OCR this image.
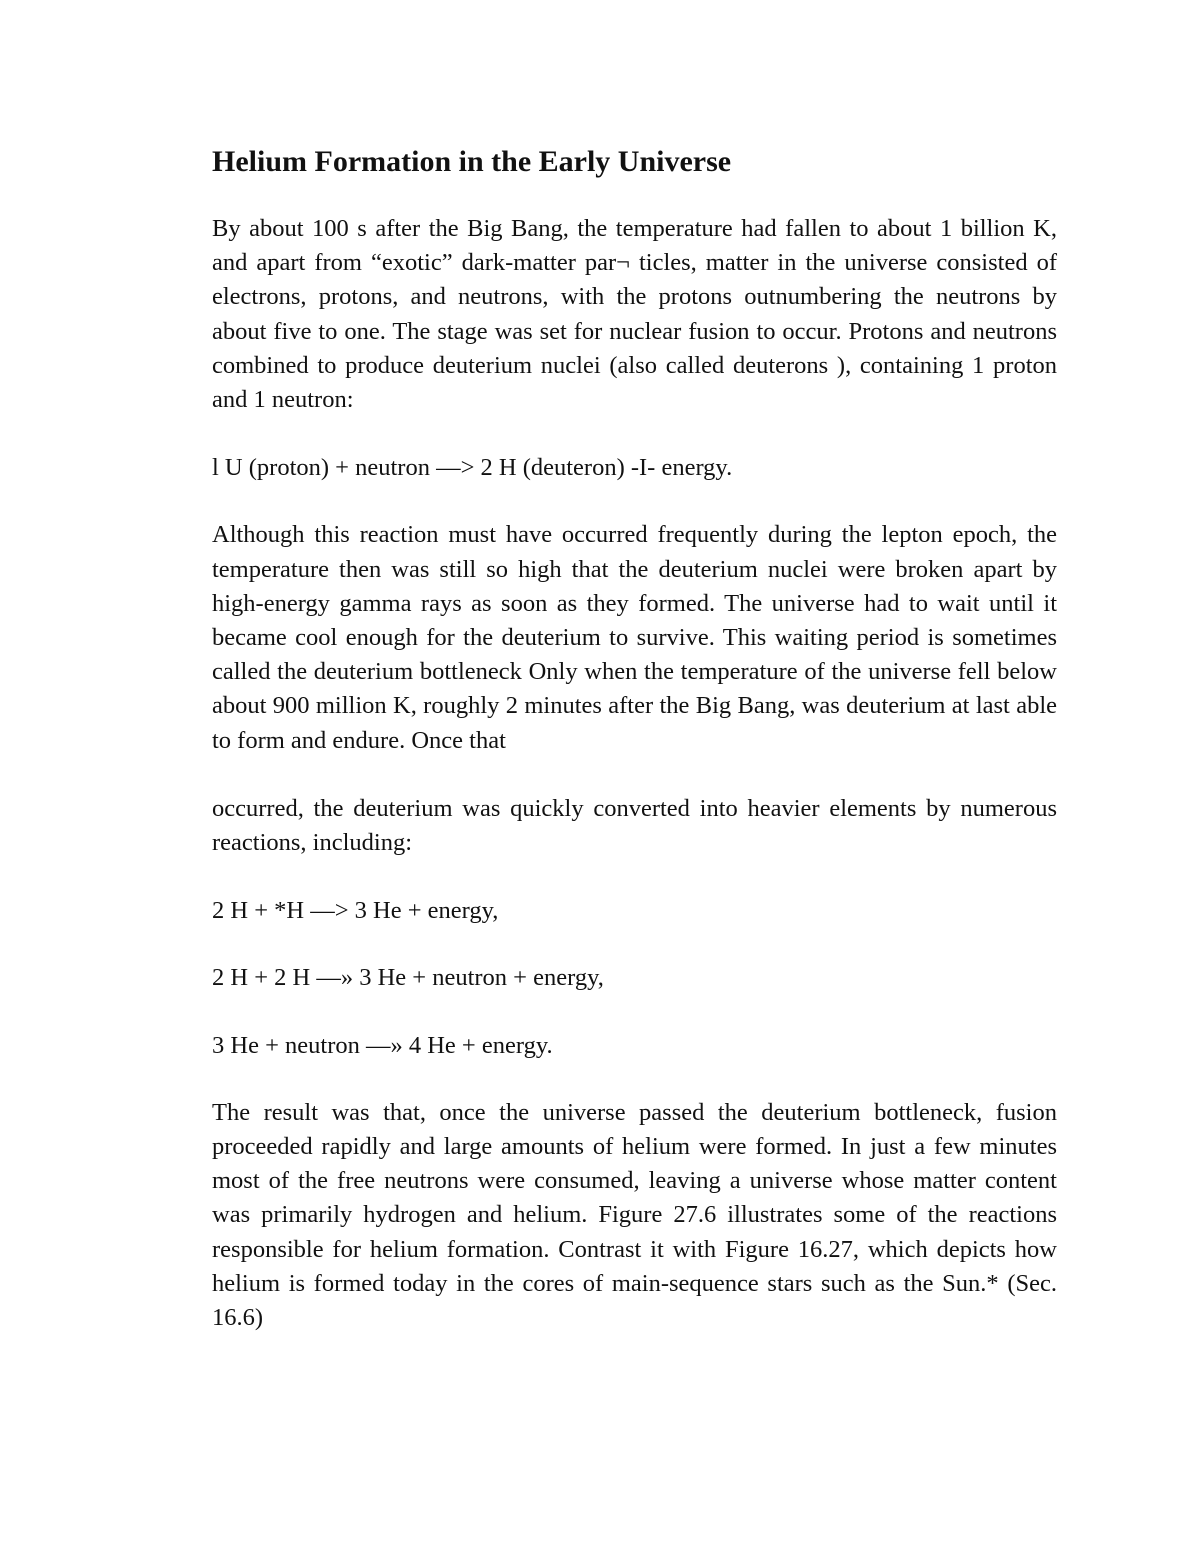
Helium Formation in the Early Universe
By about 100 s after the Big Bang, the temperature had fallen to about 1 billion K, and apart from “exotic” dark-matter par¬ ticles, matter in the universe consisted of electrons, protons, and neutrons, with the protons outnumbering the neutrons by about five to one. The stage was set for nuclear fusion to occur. Protons and neutrons combined to produce deuterium nuclei (also called deuterons ), containing 1 proton and 1 neutron:
l U (proton) + neutron —> 2 H (deuteron) -I- energy.
Although this reaction must have occurred frequently during the lepton epoch, the temperature then was still so high that the deuterium nuclei were broken apart by high-energy gamma rays as soon as they formed. The universe had to wait until it became cool enough for the deuterium to survive. This waiting period is sometimes called the deuterium bottleneck Only when the temperature of the universe fell below about 900 million K, roughly 2 minutes after the Big Bang, was deuterium at last able to form and endure. Once that
occurred, the deuterium was quickly converted into heavier elements by numerous reactions, including:
2 H + *H —> 3 He + energy,
2 H + 2 H —» 3 He + neutron + energy,
3 He + neutron —» 4 He + energy.
The result was that, once the universe passed the deuterium bottleneck, fusion proceeded rapidly and large amounts of helium were formed. In just a few minutes most of the free neutrons were consumed, leaving a universe whose matter content was primarily hydrogen and helium. Figure 27.6 illustrates some of the reactions responsible for helium formation. Contrast it with Figure 16.27, which depicts how helium is formed today in the cores of main-sequence stars such as the Sun.* (Sec. 16.6)
